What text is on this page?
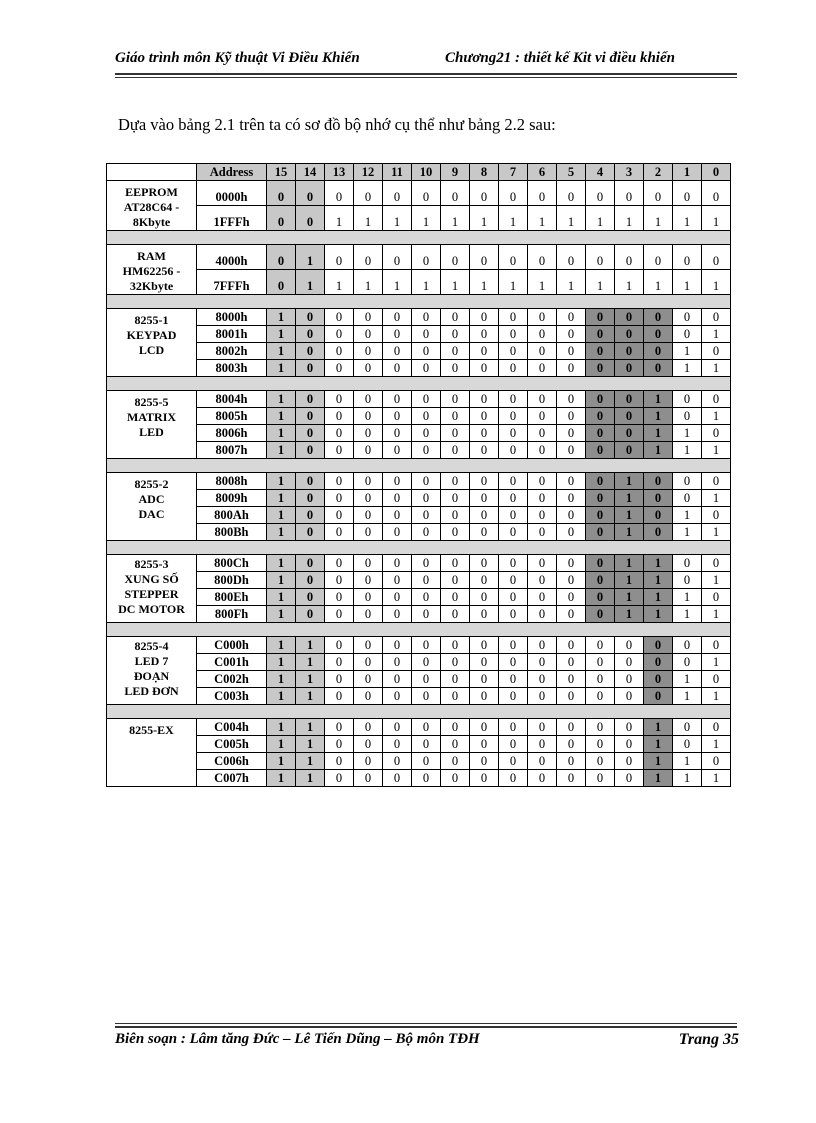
Giáo trình môn Kỹ thuật Vi Điều Khiển	Chương21 : thiết kế Kit vi điều khiển
Dựa vào bảng 2.1 trên ta có sơ đồ bộ nhớ cụ thể như bảng 2.2 sau:
	Address	15	14	13	12	11	10	9	8	7	6	5	4	3	2	1	0

EEPROM
AT28C64 -
8Kbyte	0000h	0	0	0	0	0	0	0	0	0	0	0	0	0	0	0	0
	1FFFh	0	0	1	1	1	1	1	1	1	1	1	1	1	1	1	1

RAM
HM62256 -
32Kbyte	4000h	0	1	0	0	0	0	0	0	0	0	0	0	0	0	0	0
	7FFFh	0	1	1	1	1	1	1	1	1	1	1	1	1	1	1	1

8255-1
KEYPAD
LCD	8000h	1	0	0	0	0	0	0	0	0	0	0	0	0	0	0	0
	8001h	1	0	0	0	0	0	0	0	0	0	0	0	0	0	0	1
	8002h	1	0	0	0	0	0	0	0	0	0	0	0	0	0	1	0
	8003h	1	0	0	0	0	0	0	0	0	0	0	0	0	0	1	1

8255-5
MATRIX
LED	8004h	1	0	0	0	0	0	0	0	0	0	0	0	0	1	0	0
	8005h	1	0	0	0	0	0	0	0	0	0	0	0	0	1	0	1
	8006h	1	0	0	0	0	0	0	0	0	0	0	0	0	1	1	0
	8007h	1	0	0	0	0	0	0	0	0	0	0	0	0	1	1	1

8255-2
ADC
DAC	8008h	1	0	0	0	0	0	0	0	0	0	0	0	1	0	0	0
	8009h	1	0	0	0	0	0	0	0	0	0	0	0	1	0	0	1
	800Ah	1	0	0	0	0	0	0	0	0	0	0	0	1	0	1	0
	800Bh	1	0	0	0	0	0	0	0	0	0	0	0	1	0	1	1

8255-3
XUNG SỐ
STEPPER
DC MOTOR	800Ch	1	0	0	0	0	0	0	0	0	0	0	0	1	1	0	0
	800Dh	1	0	0	0	0	0	0	0	0	0	0	0	1	1	0	1
	800Eh	1	0	0	0	0	0	0	0	0	0	0	0	1	1	1	0
	800Fh	1	0	0	0	0	0	0	0	0	0	0	0	1	1	1	1

8255-4
LED 7
ĐOẠN
LED ĐƠN	C000h	1	1	0	0	0	0	0	0	0	0	0	0	0	0	0	0
	C001h	1	1	0	0	0	0	0	0	0	0	0	0	0	0	0	1
	C002h	1	1	0	0	0	0	0	0	0	0	0	0	0	0	1	0
	C003h	1	1	0	0	0	0	0	0	0	0	0	0	0	0	1	1

8255-EX	C004h	1	1	0	0	0	0	0	0	0	0	0	0	0	1	0	0
	C005h	1	1	0	0	0	0	0	0	0	0	0	0	0	1	0	1
	C006h	1	1	0	0	0	0	0	0	0	0	0	0	0	1	1	0
	C007h	1	1	0	0	0	0	0	0	0	0	0	0	0	1	1	1
Biên soạn : Lâm tăng Đức – Lê Tiến Dũng – Bộ môn TĐH	Trang 35
